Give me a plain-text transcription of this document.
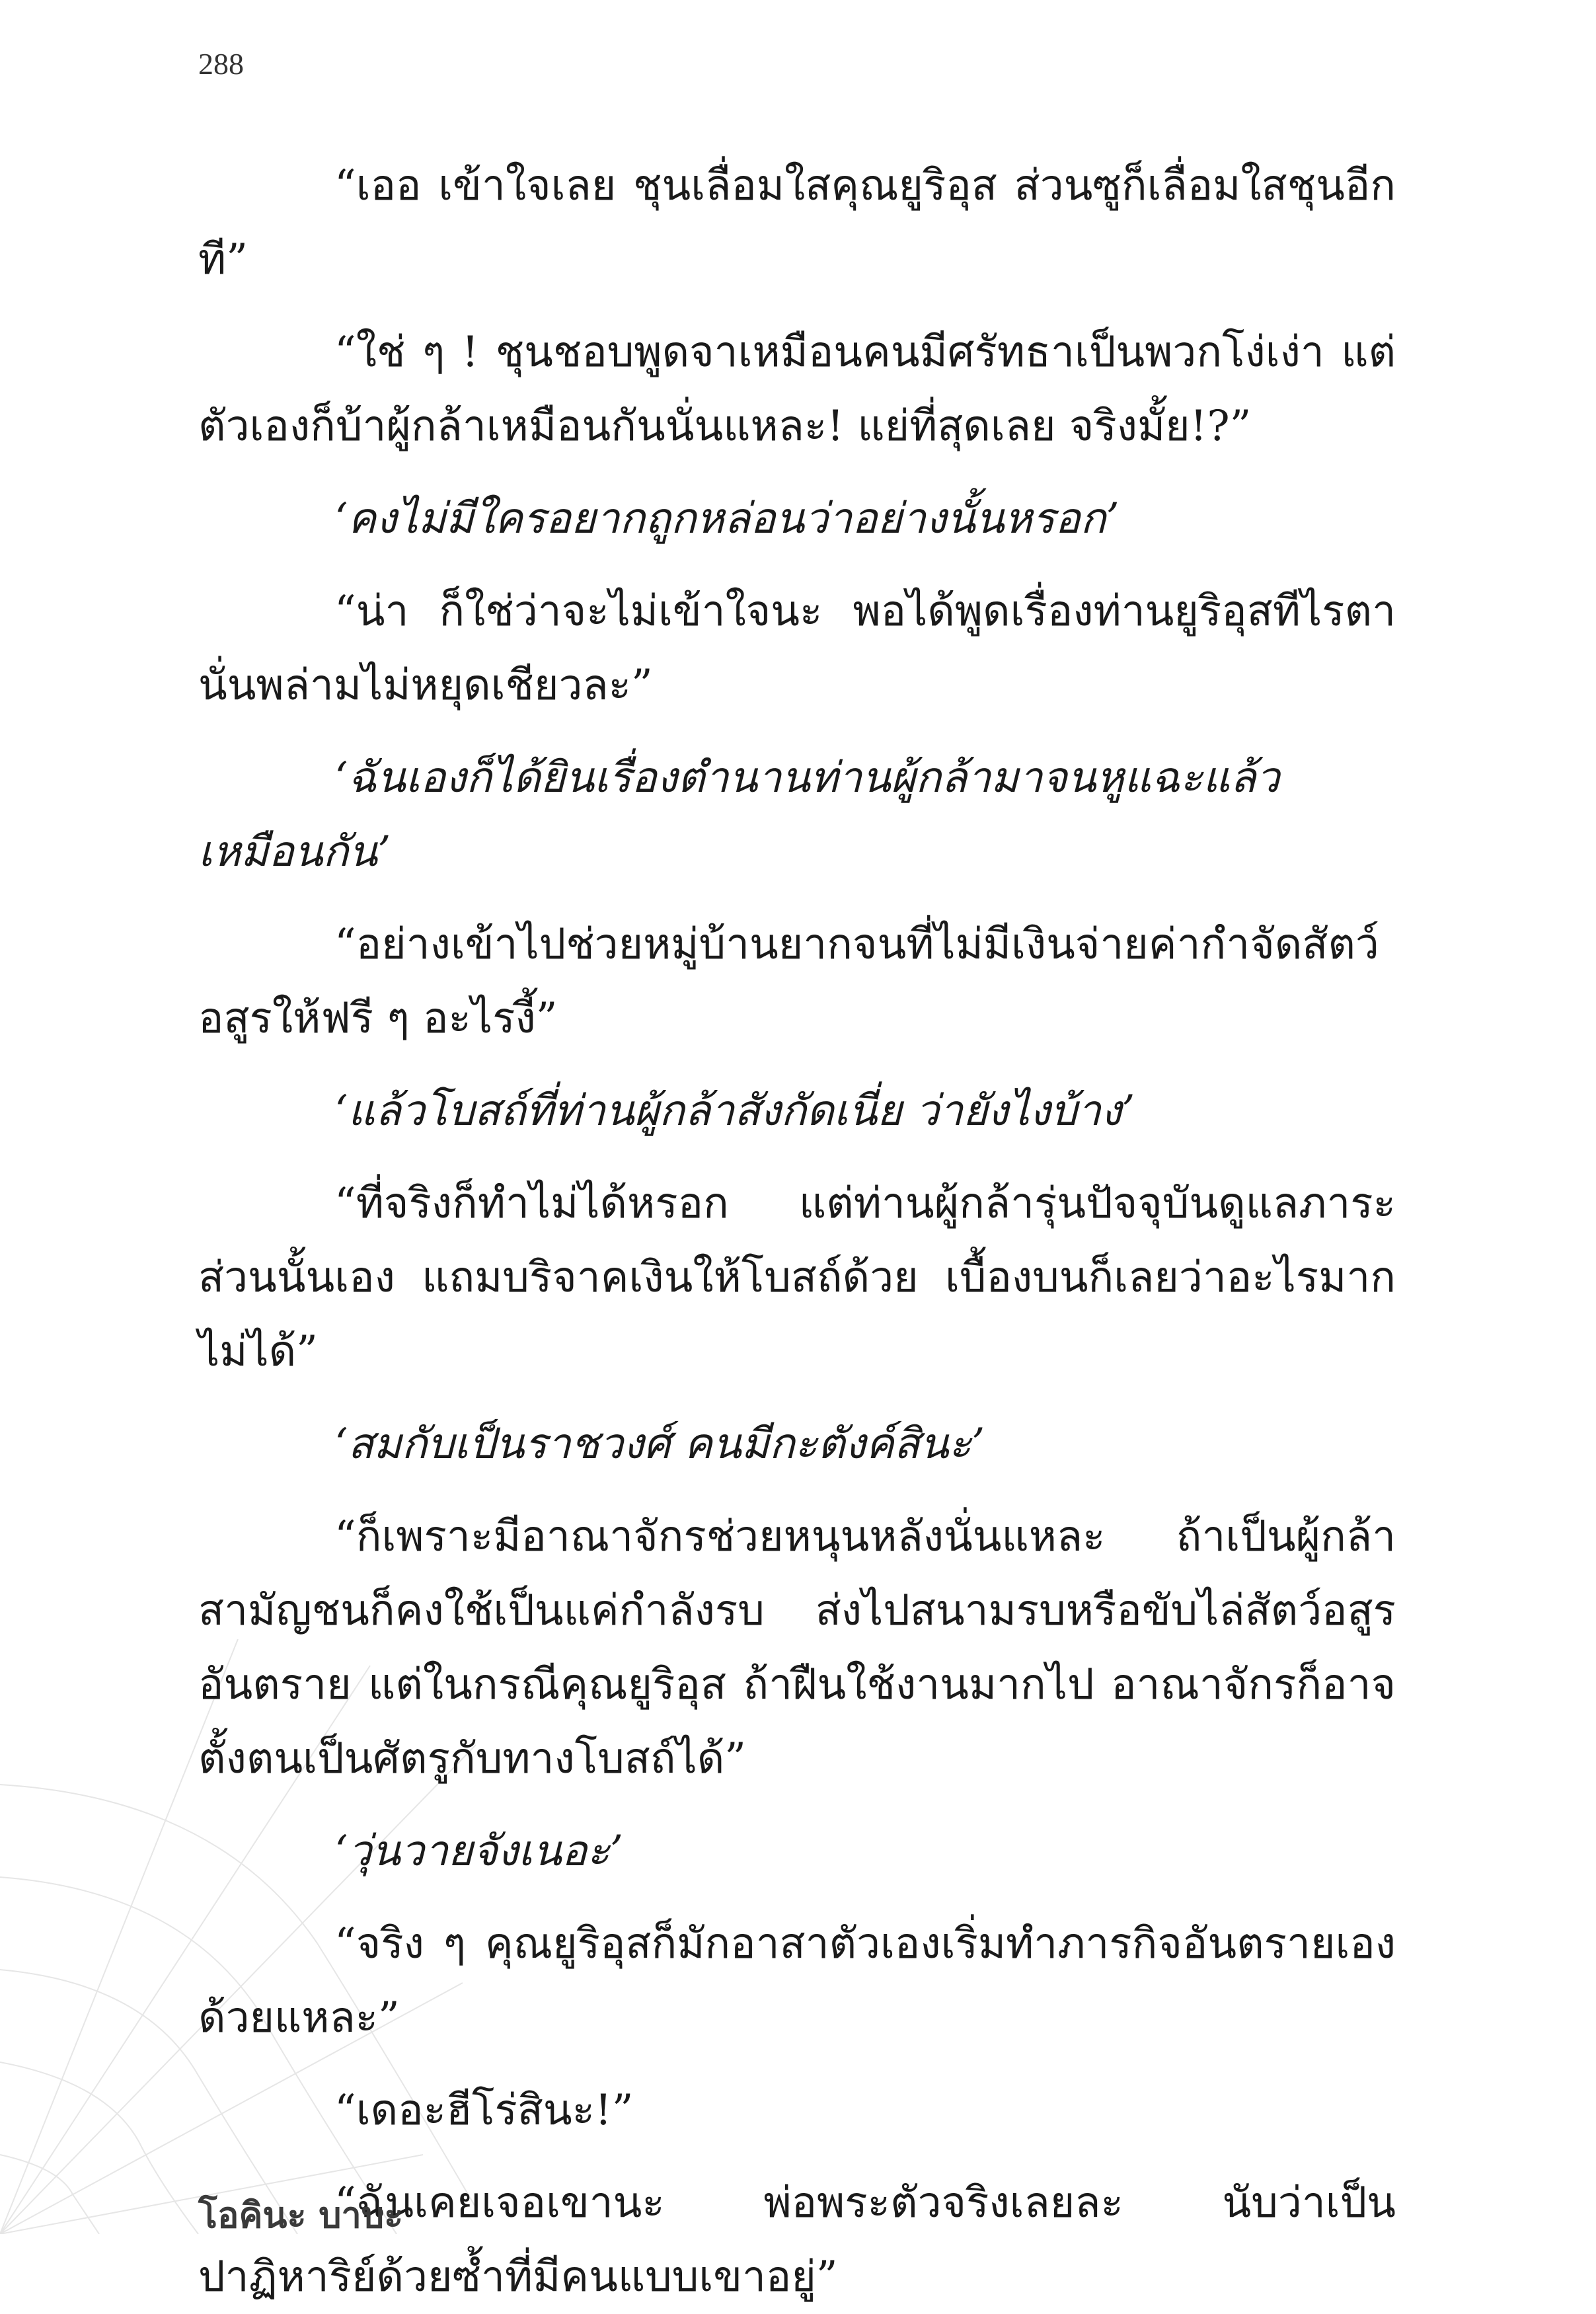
288

“เออ เข้าใจเลย ชุนเลื่อมใสคุณยูริอุส ส่วนซูก็เลื่อมใสชุนอีกที”

“ใช่ ๆ ! ชุนชอบพูดจาเหมือนคนมีศรัทธาเป็นพวกโง่เง่า แต่ตัวเองก็บ้าผู้กล้าเหมือนกันนั่นแหละ! แย่ที่สุดเลย จริงมั้ย!?”

‘คงไม่มีใครอยากถูกหล่อนว่าอย่างนั้นหรอก’

“น่า ก็ใช่ว่าจะไม่เข้าใจนะ พอได้พูดเรื่องท่านยูริอุสทีไรตานั่นพล่ามไม่หยุดเชียวละ”

‘ฉันเองก็ได้ยินเรื่องตำนานท่านผู้กล้ามาจนหูแฉะแล้วเหมือนกัน’

“อย่างเข้าไปช่วยหมู่บ้านยากจนที่ไม่มีเงินจ่ายค่ากำจัดสัตว์อสูรให้ฟรี ๆ อะไรงี้”

‘แล้วโบสถ์ที่ท่านผู้กล้าสังกัดเนี่ย ว่ายังไงบ้าง’

“ที่จริงก็ทำไม่ได้หรอก แต่ท่านผู้กล้ารุ่นปัจจุบันดูแลภาระส่วนนั้นเอง แถมบริจาคเงินให้โบสถ์ด้วย เบื้องบนก็เลยว่าอะไรมากไม่ได้”

‘สมกับเป็นราชวงศ์ คนมีกะตังค์สินะ’

“ก็เพราะมีอาณาจักรช่วยหนุนหลังนั่นแหละ ถ้าเป็นผู้กล้าสามัญชนก็คงใช้เป็นแค่กำลังรบ ส่งไปสนามรบหรือขับไล่สัตว์อสูรอันตราย แต่ในกรณีคุณยูริอุส ถ้าฝืนใช้งานมากไป อาณาจักรก็อาจตั้งตนเป็นศัตรูกับทางโบสถ์ได้”

‘วุ่นวายจังเนอะ’

“จริง ๆ คุณยูริอุสก็มักอาสาตัวเองเริ่มทำภารกิจอันตรายเองด้วยแหละ”

“เดอะฮีโร่สินะ!”

“ฉันเคยเจอเขานะ พ่อพระตัวจริงเลยละ นับว่าเป็นปาฏิหาริย์ด้วยซ้ำที่มีคนแบบเขาอยู่”

โอคินะ บาบะ
